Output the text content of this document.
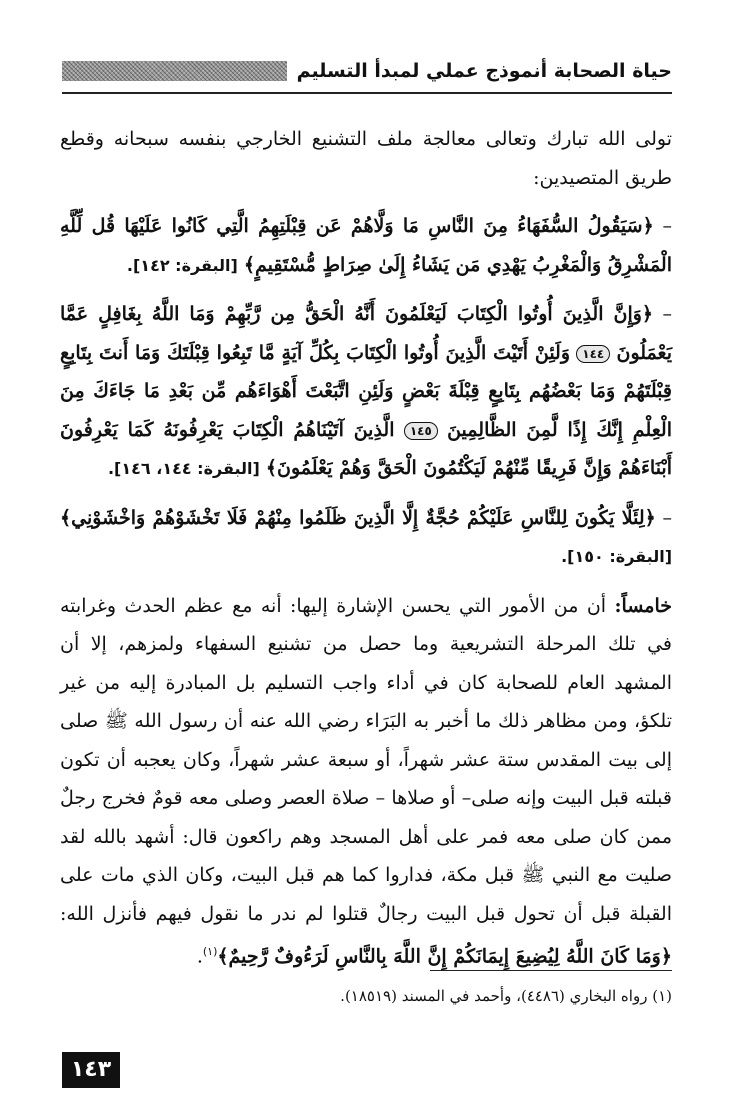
حياة الصحابة أنموذج عملي لمبدأ التسليم

تولى الله تبارك وتعالى معالجة ملف التشنيع الخارجي بنفسه سبحانه وقطع طريق المتصيدين:

– ﴿سَيَقُولُ السُّفَهَاءُ مِنَ النَّاسِ مَا وَلَّاهُمْ عَن قِبْلَتِهِمُ الَّتِي كَانُوا عَلَيْهَا قُل لِّلَّهِ الْمَشْرِقُ وَالْمَغْرِبُ يَهْدِي مَن يَشَاءُ إِلَىٰ صِرَاطٍ مُّسْتَقِيمٍ﴾ [البقرة: ١٤٢].

– ﴿وَإِنَّ الَّذِينَ أُوتُوا الْكِتَابَ لَيَعْلَمُونَ أَنَّهُ الْحَقُّ مِن رَّبِّهِمْ وَمَا اللَّهُ بِغَافِلٍ عَمَّا يَعْمَلُونَ ١٤٤ وَلَئِنْ أَتَيْتَ الَّذِينَ أُوتُوا الْكِتَابَ بِكُلِّ آيَةٍ مَّا تَبِعُوا قِبْلَتَكَ وَمَا أَنتَ بِتَابِعٍ قِبْلَتَهُمْ وَمَا بَعْضُهُم بِتَابِعٍ قِبْلَةَ بَعْضٍ وَلَئِنِ اتَّبَعْتَ أَهْوَاءَهُم مِّن بَعْدِ مَا جَاءَكَ مِنَ الْعِلْمِ إِنَّكَ إِذًا لَّمِنَ الظَّالِمِينَ ١٤٥ الَّذِينَ آتَيْنَاهُمُ الْكِتَابَ يَعْرِفُونَهُ كَمَا يَعْرِفُونَ أَبْنَاءَهُمْ وَإِنَّ فَرِيقًا مِّنْهُمْ لَيَكْتُمُونَ الْحَقَّ وَهُمْ يَعْلَمُونَ﴾ [البقرة: ١٤٤، ١٤٦].

– ﴿لِئَلَّا يَكُونَ لِلنَّاسِ عَلَيْكُمْ حُجَّةٌ إِلَّا الَّذِينَ ظَلَمُوا مِنْهُمْ فَلَا تَخْشَوْهُمْ وَاخْشَوْنِي﴾ [البقرة: ١٥٠].

خامساً: أن من الأمور التي يحسن الإشارة إليها: أنه مع عظم الحدث وغرابته في تلك المرحلة التشريعية وما حصل من تشنيع السفهاء ولمزهم، إلا أن المشهد العام للصحابة كان في أداء واجب التسليم بل المبادرة إليه من غير تلكؤ، ومن مظاهر ذلك ما أخبر به البَرَاء رضي الله عنه أن رسول الله ﷺ صلى إلى بيت المقدس ستة عشر شهراً، أو سبعة عشر شهراً، وكان يعجبه أن تكون قبلته قبل البيت وإنه صلى– أو صلاها – صلاة العصر وصلى معه قومٌ فخرج رجلٌ ممن كان صلى معه فمر على أهل المسجد وهم راكعون قال: أشهد بالله لقد صليت مع النبي ﷺ قبل مكة، فداروا كما هم قبل البيت، وكان الذي مات على القبلة قبل أن تحول قبل البيت رجالٌ قتلوا لم ندر ما نقول فيهم فأنزل الله: ﴿وَمَا كَانَ اللَّهُ لِيُضِيعَ إِيمَانَكُمْ إِنَّ اللَّهَ بِالنَّاسِ لَرَءُوفٌ رَّحِيمٌ﴾$^{(١)}$.

(١) رواه البخاري (٤٤٨٦)، وأحمد في المسند (١٨٥١٩).
١٤٣
